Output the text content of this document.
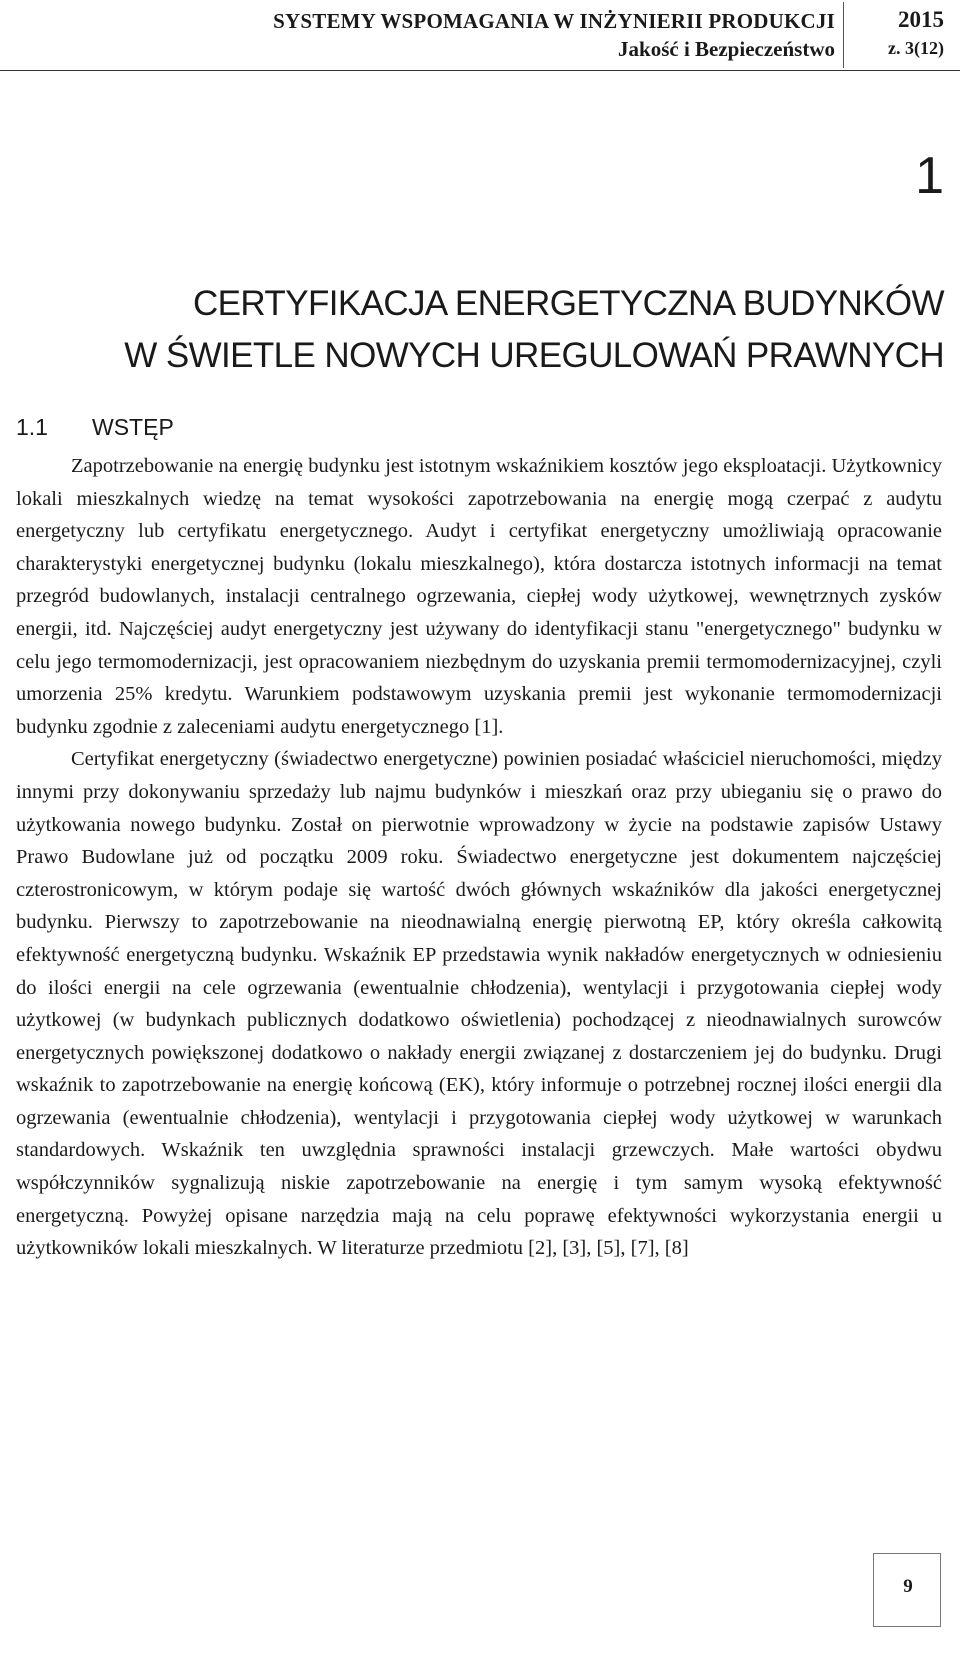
SYSTEMY WSPOMAGANIA W INŻYNIERII PRODUKCJI
Jakość i Bezpieczeństwo
2015
z. 3(12)
1
CERTYFIKACJA ENERGETYCZNA BUDYNKÓW
W ŚWIETLE NOWYCH UREGULOWAŃ PRAWNYCH
1.1 WSTĘP

Zapotrzebowanie na energię budynku jest istotnym wskaźnikiem kosztów jego eksploatacji. Użytkownicy lokali mieszkalnych wiedzę na temat wysokości zapotrzebowania na energię mogą czerpać z audytu energetyczny lub certyfikatu energetycznego. Audyt i certyfikat energetyczny umożliwiają opracowanie charakterystyki energetycznej budynku (lokalu mieszkalnego), która dostarcza istotnych informacji na temat przegród budowlanych, instalacji centralnego ogrzewania, ciepłej wody użytkowej, wewnętrznych zysków energii, itd. Najczęściej audyt energetyczny jest używany do identyfikacji stanu "energetycznego" budynku w celu jego termomodernizacji, jest opracowaniem niezbędnym do uzyskania premii termomodernizacyjnej, czyli umorzenia 25% kredytu. Warunkiem podstawowym uzyskania premii jest wykonanie termomodernizacji budynku zgodnie z zaleceniami audytu energetycznego [1].

Certyfikat energetyczny (świadectwo energetyczne) powinien posiadać właściciel nieruchomości, między innymi przy dokonywaniu sprzedaży lub najmu budynków i mieszkań oraz przy ubieganiu się o prawo do użytkowania nowego budynku. Został on pierwotnie wprowadzony w życie na podstawie zapisów Ustawy Prawo Budowlane już od początku 2009 roku. Świadectwo energetyczne jest dokumentem najczęściej czterostronicowym, w którym podaje się wartość dwóch głównych wskaźników dla jakości energetycznej budynku. Pierwszy to zapotrzebowanie na nieodnawialną energię pierwotną EP, który określa całkowitą efektywność energetyczną budynku. Wskaźnik EP przedstawia wynik nakładów energetycznych w odniesieniu do ilości energii na cele ogrzewania (ewentualnie chłodzenia), wentylacji i przygotowania ciepłej wody użytkowej (w budynkach publicznych dodatkowo oświetlenia) pochodzącej z nieodnawialnych surowców energetycznych powiększonej dodatkowo o nakłady energii związanej z dostarczeniem jej do budynku. Drugi wskaźnik to zapotrzebowanie na energię końcową (EK), który informuje o potrzebnej rocznej ilości energii dla ogrzewania (ewentualnie chłodzenia), wentylacji i przygotowania ciepłej wody użytkowej w warunkach standardowych. Wskaźnik ten uwzględnia sprawności instalacji grzewczych. Małe wartości obydwu współczynników sygnalizują niskie zapotrzebowanie na energię i tym samym wysoką efektywność energetyczną. Powyżej opisane narzędzia mają na celu poprawę efektywności wykorzystania energii u użytkowników lokali mieszkalnych. W literaturze przedmiotu [2], [3], [5], [7], [8]

9
